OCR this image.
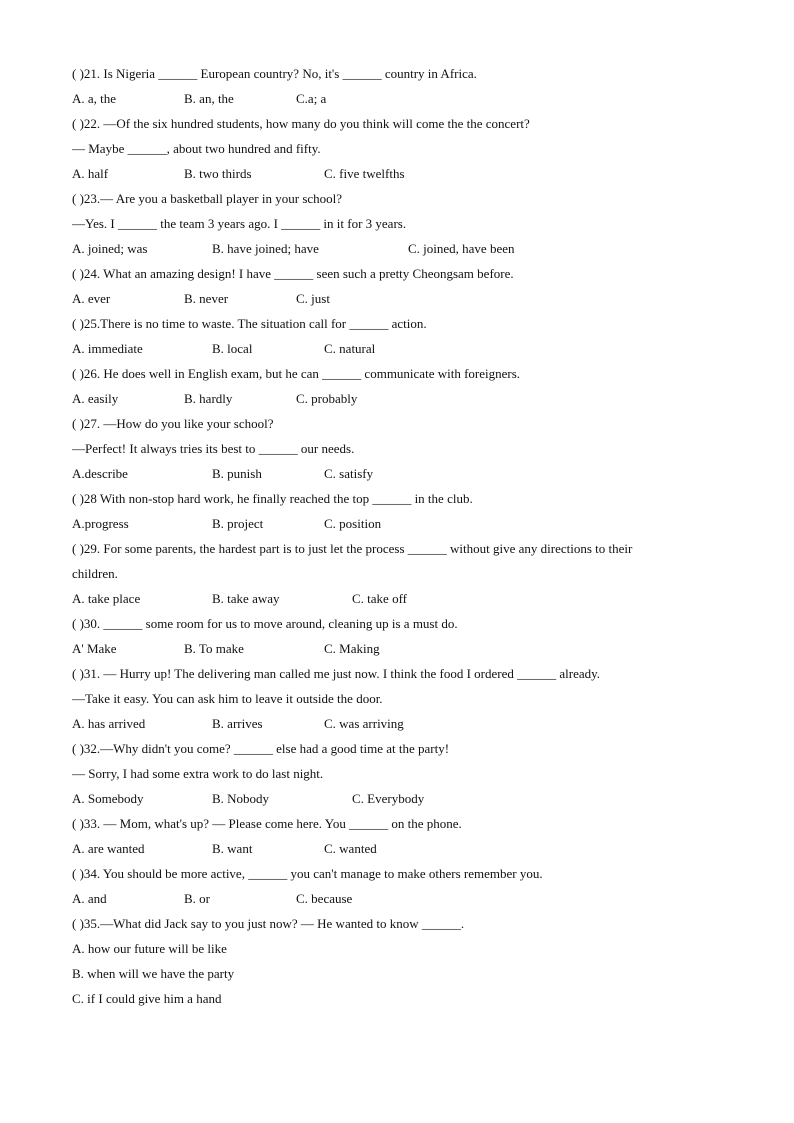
( )21. Is Nigeria ______ European country? No, it's ______ country in Africa.
A. a, the	B. an, the	C.a; a
( )22. —Of the six hundred students, how many do you think will come the the concert?
— Maybe ______, about two hundred and fifty.
A. half	B. two thirds	C. five twelfths
( )23.— Are you a basketball player in your school?
—Yes. I ______ the team 3 years ago. I ______ in it for 3 years.
A. joined; was	B. have joined; have	C. joined, have been
( )24. What an amazing design! I have ______ seen such a pretty Cheongsam before.
A. ever	B. never	C. just
( )25.There is no time to waste. The situation call for ______ action.
A. immediate	B. local	C. natural
( )26. He does well in English exam, but he can ______ communicate with foreigners.
A. easily	B. hardly	C. probably
( )27. —How do you like your school?
—Perfect! It always tries its best to ______ our needs.
A.describe	B. punish	C. satisfy
( )28 With non-stop hard work, he finally reached the top ______ in the club.
A.progress	B. project	C. position
( )29. For some parents, the hardest part is to just let the process ______ without give any directions to their
children.
A. take place	B. take away	C. take off
( )30. ______ some room for us to move around, cleaning up is a must do.
A' Make	B. To make	C. Making
( )31. — Hurry up! The delivering man called me just now. I think the food I ordered ______ already.
—Take it easy. You can ask him to leave it outside the door.
A. has arrived	B. arrives	C. was arriving
( )32.—Why didn't you come? ______ else had a good time at the party!
— Sorry, I had some extra work to do last night.
A. Somebody	B. Nobody	C. Everybody
( )33. — Mom, what's up? — Please come here. You ______ on the phone.
A. are wanted	B. want	C. wanted
( )34. You should be more active, ______ you can't manage to make others remember you.
A. and	B. or	C. because
( )35.—What did Jack say to you just now? — He wanted to know ______.
A. how our future will be like
B. when will we have the party
C. if I could give him a hand
